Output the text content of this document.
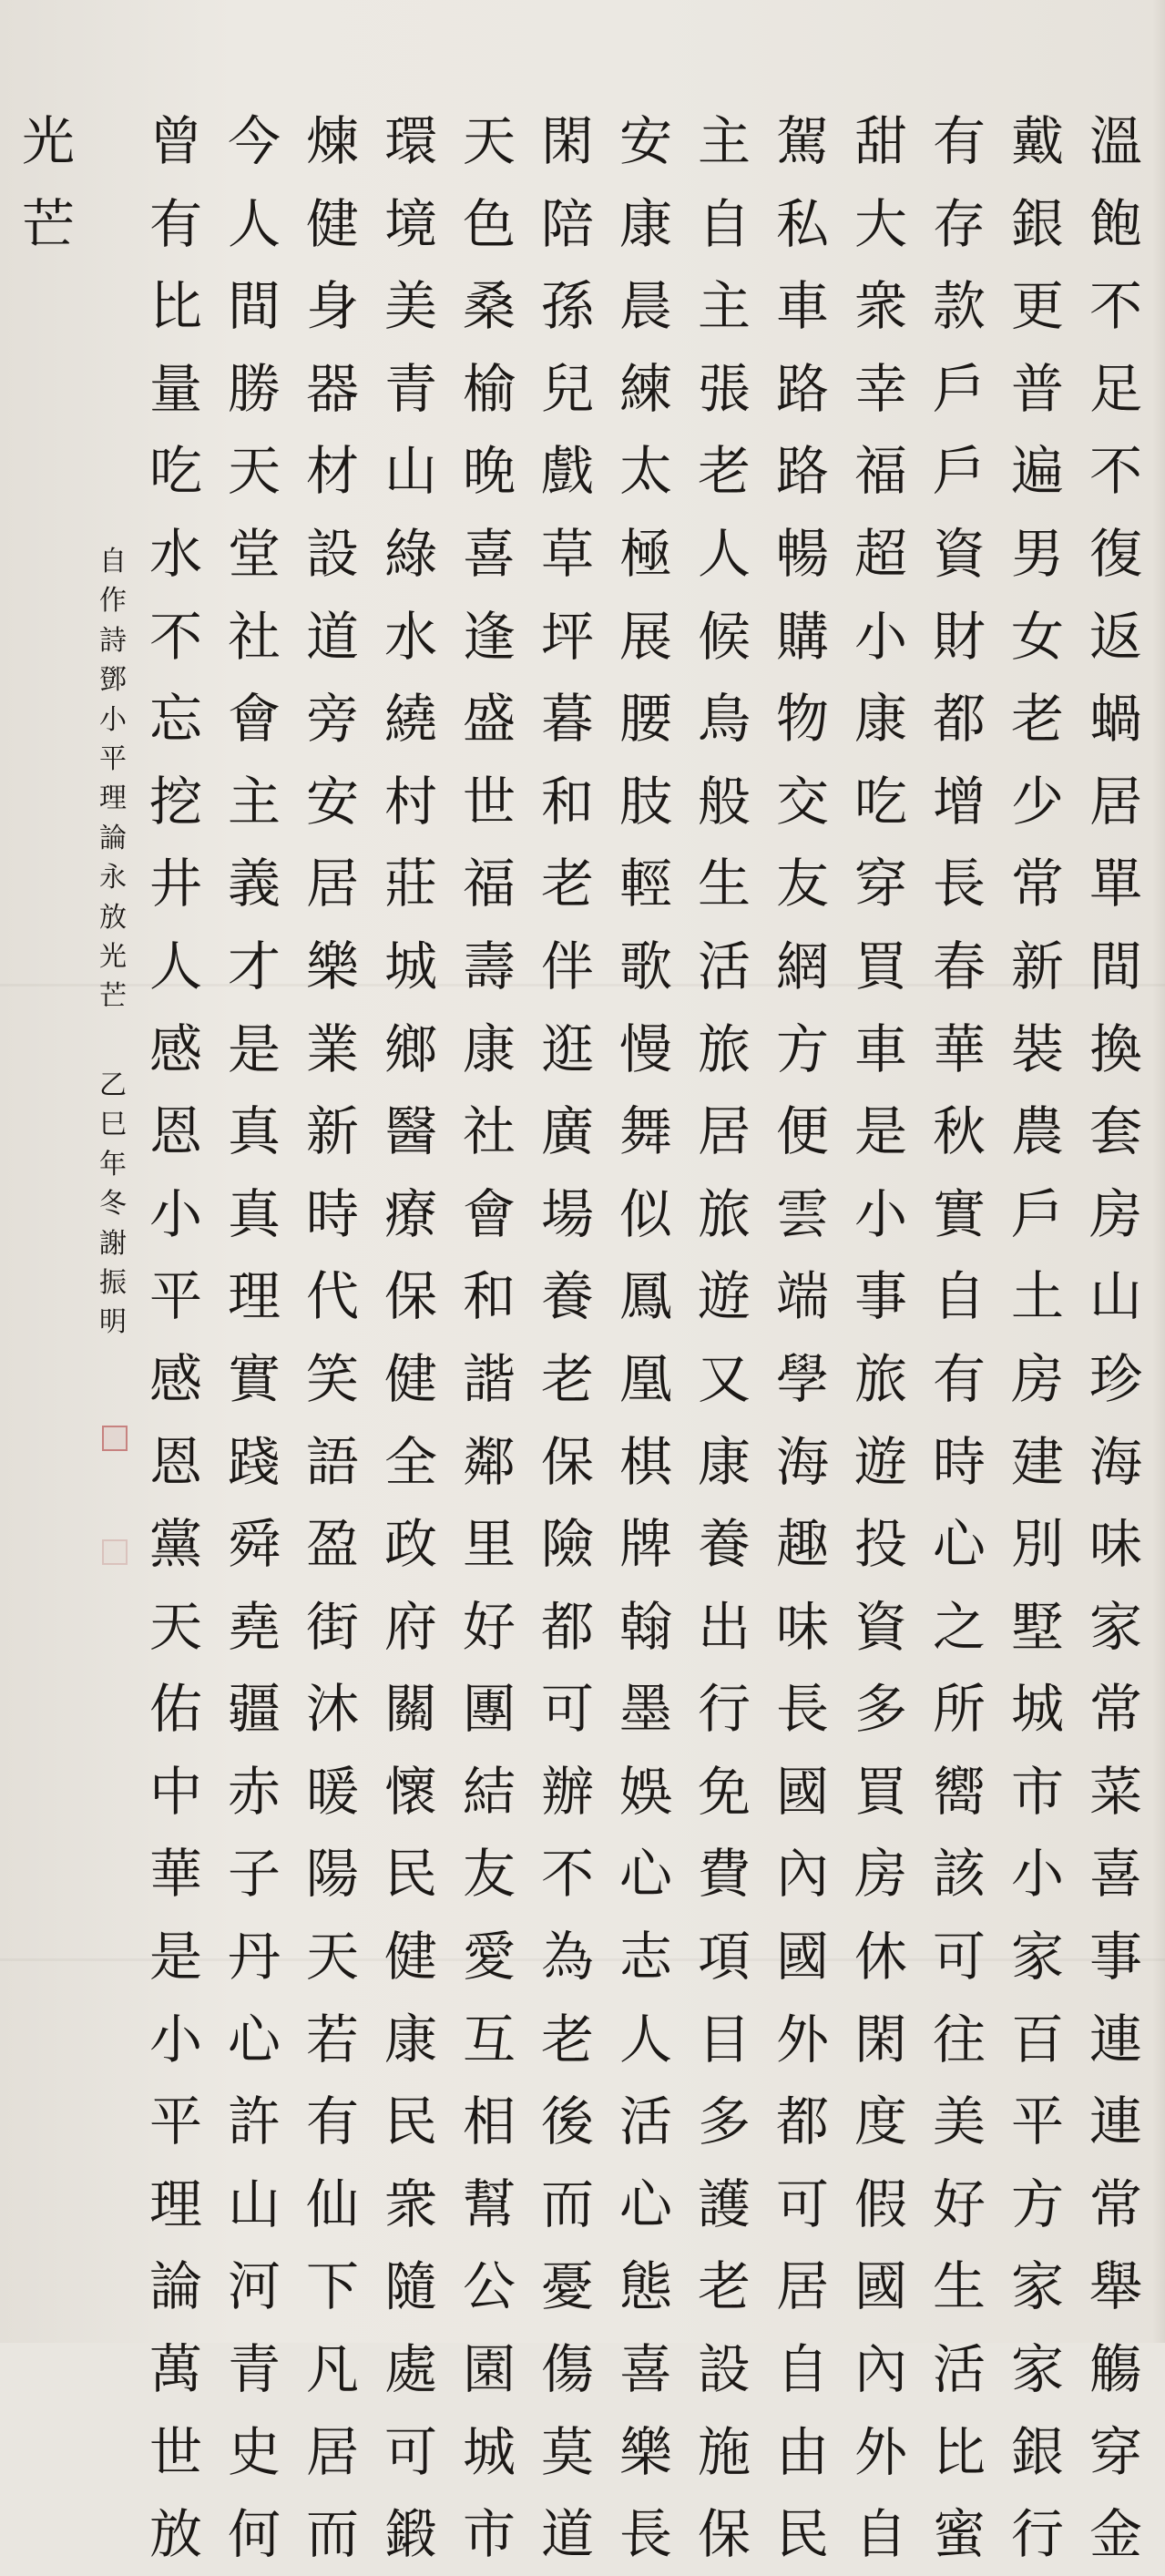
溫
飽
不
足
不
復
返
蝸
居
單
間
換
套
房
山
珍
海
味
家
常
菜
喜
事
連
連
常
舉
觴
穿
金
戴
銀
更
普
遍
男
女
老
少
常
新
裝
農
戶
土
房
建
別
墅
城
市
小
家
百
平
方
家
家
銀
行
有
存
款
戶
戶
資
財
都
增
長
春
華
秋
實
自
有
時
心
之
所
嚮
該
可
往
美
好
生
活
比
蜜
甜
大
衆
幸
福
超
小
康
吃
穿
買
車
是
小
事
旅
遊
投
資
多
買
房
休
閑
度
假
國
內
外
自
駕
私
車
路
路
暢
購
物
交
友
網
方
便
雲
端
學
海
趣
味
長
國
內
國
外
都
可
居
自
由
民
主
自
主
張
老
人
候
鳥
般
生
活
旅
居
旅
遊
又
康
養
出
行
免
費
項
目
多
護
老
設
施
保
安
康
晨
練
太
極
展
腰
肢
輕
歌
慢
舞
似
鳳
凰
棋
牌
翰
墨
娛
心
志
人
活
心
態
喜
樂
長
閑
陪
孫
兒
戲
草
坪
暮
和
老
伴
逛
廣
場
養
老
保
險
都
可
辦
不
為
老
後
而
憂
傷
莫
道
天
色
桑
榆
晚
喜
逢
盛
世
福
壽
康
社
會
和
諧
鄰
里
好
團
結
友
愛
互
相
幫
公
園
城
市
環
境
美
青
山
綠
水
繞
村
莊
城
鄉
醫
療
保
健
全
政
府
關
懷
民
健
康
民
衆
隨
處
可
鍛
煉
健
身
器
材
設
道
旁
安
居
樂
業
新
時
代
笑
語
盈
街
沐
暖
陽
天
若
有
仙
下
凡
居
而
今
人
間
勝
天
堂
社
會
主
義
才
是
真
真
理
實
踐
舜
堯
疆
赤
子
丹
心
許
山
河
青
史
何
曾
有
比
量
吃
水
不
忘
挖
井
人
感
恩
小
平
感
恩
黨
天
佑
中
華
是
小
平
理
論
萬
世
放
光
芒
自
作
詩
鄧
小
平
理
論
永
放
光
芒
乙
巳
年
冬
謝
振
明
